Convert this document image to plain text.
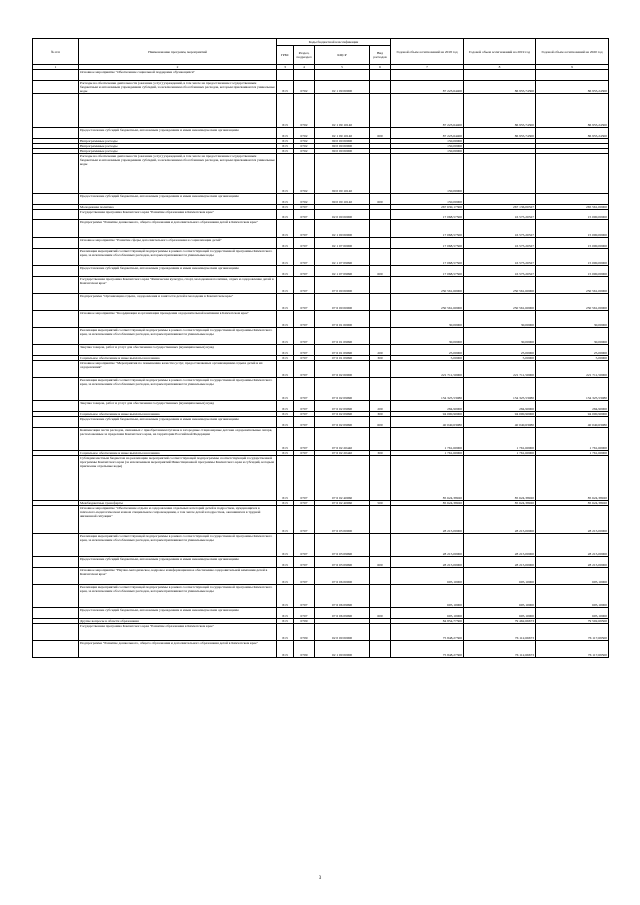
№ п/п	Наименование программ, мероприятий	Коды бюджетной классификации				Годовой объем ассигнований на 2018 год	Годовой объем ассигнований на 2019 год	Годовой объем ассигнований на 2020 год
		ГРБС	Раздел, подраздел	КЦСР	Вид расходов			
1	2	3	4	5	6	7	8	9
	Основное мероприятие "Обеспечение социальной поддержки обучающихся"							
	Расходы на обеспечение деятельности (оказание услуг) учреждений, в том числе на предоставление государственным бюджетным и автономным учреждениям субсидий, за исключением обособленных расходов, которым присваиваются уникальные коды	813	0702	02 1 09 00000		87 223,64400	86 955,74300	86 955,24300
		813	0702	02 1 09 10140		87 223,64400	86 955,74300	86 955,24300
	Предоставление субсидий бюджетным, автономным учреждениям и иным некоммерческим организациям	813	0702	02 1 09 10140	600	87 223,64400	86 955,74300	86 955,24300
	Непрограммные расходы	813	0702	99 0 00 00000		150,00000		
	Непрограммные расходы	813	0702	99 0 00 00000		150,00000		
	Непрограммные расходы	813	0702	99 0 00 00000		150,00000		
	Расходы на обеспечение деятельности (оказание услуг) учреждений, в том числе на предоставление государственным бюджетным и автономным учреждениям субсидий, за исключением обособленных расходов, которым присваиваются уникальные коды	813	0702	99 0 00 10140		150,00000		
	Предоставление субсидий бюджетным, автономным учреждениям и иным некоммерческим организациям	813	0702	99 0 00 10140	600	150,00000		
	Молодежная политика	813	0707			267 630,17300	267 136,00327	265 561,00000
	Государственная программа Камчатского края "Развитие образования в Камчатском крае"	813	0707	02 0 00 00000		17 068,57500	16 575,20327	15 000,00000
	Подпрограмма "Развитие дошкольного, общего образования и дополнительного образования детей в Камчатском крае"	813	0707	02 1 00 00000		17 068,57500	16 575,20327	15 000,00000
	Основное мероприятие "Развитие сферы дополнительного образования и социализации детей"	813	0707	02 1 07 00000		17 068,57500	16 575,20327	15 000,00000
	Реализация мероприятий соответствующей подпрограммы в рамках соответствующей государственной программы Камчатского края, за исключением обособленных расходов, которым присваиваются уникальные коды	813	0707	02 1 07 09990		17 068,57500	16 575,20327	15 000,00000
	Предоставление субсидий бюджетным, автономным учреждениям и иным некоммерческим организациям	813	0707	02 1 07 09990	600	17 068,57500	16 575,20327	15 000,00000
	Государственная программа Камчатского края "Физическая культура, спорт, молодежная политика, отдых и оздоровление детей в Камчатском крае"	813	0707	07 0 00 00000		250 561,60000	250 561,60000	250 561,00000
	Подпрограмма "Организация отдыха, оздоровления и занятости детей и молодежи в Камчатском крае"	813	0707	07 6 00 00000		250 561,60000	250 561,60000	250 561,00000
	Основное мероприятие "Координация и организация проведения оздоровительной кампании в Камчатском крае"	813	0707	07 6 01 00000		30,00000	30,00000	30,00000
	Реализация мероприятий соответствующей подпрограммы в рамках соответствующей государственной программы Камчатского края, за исключением обособленных расходов, которым присваиваются уникальные коды	813	0707	07 6 01 09990		30,00000	30,00000	30,00000
	Закупка товаров, работ и услуг для обеспечения государственных (муниципальных) нужд	813	0707	07 6 01 09990	200	25,00000	25,00000	25,00000
	Социальное обеспечение и иные выплаты населению	813	0707	07 6 01 09990	300	5,00000	5,00000	5,00000
	Основное мероприятие "Мероприятия по повышению качества услуг, предоставляемых организациями отдыха детей и их оздоровления"	813	0707	07 6 02 00000		221 711,50000	221 711,50000	221 711,50000
	Реализация мероприятий соответствующей подпрограммы в рамках соответствующей государственной программы Камчатского края, за исключением обособленных расходов, которым присваиваются уникальные коды	813	0707	07 6 02 09990		134 325,53080	134 325,53080	134 325,53080
	Закупка товаров, работ и услуг для обеспечения государственных (муниципальных) нужд	813	0707	07 6 02 09990	200	284,90000	284,90000	284,90000
	Социальное обеспечение и иные выплаты населению	813	0707	07 6 02 09990	300	94 000,90000	94 000,90000	94 000,90000
	Предоставление субсидий бюджетным, автономным учреждениям и иным некоммерческим организациям	813	0707	07 6 02 09990	600	40 040,63080	40 040,63080	40 040,63080
	Компенсация части расходов, связанных с приобретением путевок в загородные стационарные детские оздоровительные лагеря, расположенные за пределами Камчатского края, на территории Российской Федерации	813	0707	07 6 02 20440		1 761,60000	1 761,60000	1 761,60000
	Социальное обеспечение и иные выплаты населению	813	0707	07 6 02 20440	300	1 761,60000	1 761,60000	1 761,60000
	Субсидии местным бюджетам на реализацию мероприятий соответствующей подпрограммы соответствующей государственной программы Камчатского края (за исключением мероприятий Инвестиционной программы Камчатского края и субсидий, которым присвоены отдельные коды)	813	0707	07 6 02 40060		85 624,38920	85 624,38920	85 624,38920
	Межбюджетные трансферты	813	0707	07 6 02 40060	500	85 624,38920	85 624,38920	85 624,38920
	Основное мероприятие "Обеспечение отдыха и оздоровления отдельных категорий детей и подростков, нуждающихся в психолого-педагогическом и ином специальном сопровождении, а том числе детей и подростков, оказавшихся в трудной жизненной ситуации"	813	0707	07 6 03 00000		28 215,00000	28 215,00000	28 215,00000
	Реализация мероприятий соответствующей подпрограммы в рамках соответствующей государственной программы Камчатского края, за исключением обособленных расходов, которым присваиваются уникальные коды	813	0707	07 6 03 09990		28 215,00000	28 215,00000	28 215,00000
	Предоставление субсидий бюджетным, автономным учреждениям и иным некоммерческим организациям	813	0707	07 6 03 09990	600	28 215,00000	28 215,00000	28 215,00000
	Основное мероприятие "Научно-методическое, кадровое и информационное обеспечение оздоровительной кампании детей в Камчатском крае"	813	0707	07 6 06 00000		605,10000	605,10000	605,10000
	Реализация мероприятий соответствующей подпрограммы в рамках соответствующей государственной программы Камчатского края, за исключением обособленных расходов, которым присваиваются уникальные коды	813	0707	07 6 06 09990		605,10000	605,10000	605,10000
	Предоставление субсидий бюджетным, автономным учреждениям и иным некоммерческим организациям	813	0707	07 6 06 09990	600	605,10000	605,10000	605,10000
	Другие вопросы в области образования	813	0709			84 854,77300	79 462,66673	79 502,69500
	Государственная программа Камчатского края "Развитие образования в Камчатском крае"	813	0709	02 0 00 00000		75 848,27300	76 112,66673	76 117,69500
	Подпрограмма "Развитие дошкольного, общего образования и дополнительного образования детей в Камчатском крае"	813	0709	02 1 00 00000		75 848,27300	76 112,66673	76 117,69500
3
